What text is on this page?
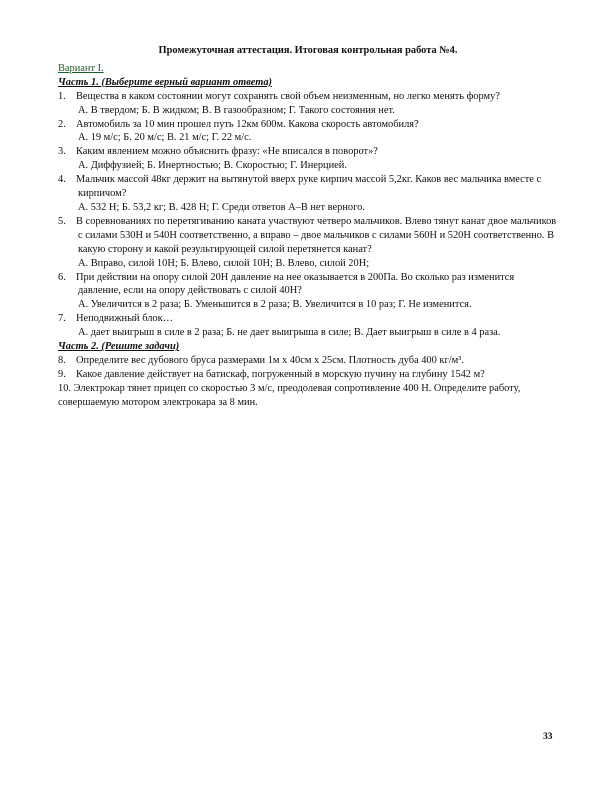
Промежуточная аттестация. Итоговая контрольная работа №4.
Вариант I.
Часть 1. (Выберите верный вариант ответа)
1. Вещества в каком состоянии могут сохранять свой объем неизменным, но легко менять форму?
А. В твердом; Б. В жидком; В. В газообразном; Г. Такого состояния нет.
2. Автомобиль за 10 мин прошел путь 12км 600м. Какова скорость автомобиля?
А. 19 м/с; Б. 20 м/с; В. 21 м/с; Г. 22 м/с.
3. Каким явлением можно объяснить фразу: «Не вписался в поворот»?
А. Диффузией; Б. Инертностью; В. Скоростью; Г. Инерцией.
4. Мальчик массой 48кг держит на вытянутой вверх руке кирпич массой 5,2кг. Каков вес мальчика вместе с кирпичом?
А. 532 Н; Б. 53,2 кг; В. 428 Н; Г. Среди ответов А–В нет верного.
5. В соревнованиях по перетягиванию каната участвуют четверо мальчиков. Влево тянут канат двое мальчиков с силами 530Н и 540Н соответственно, а вправо – двое мальчиков с силами 560Н и 520Н соответственно. В какую сторону и какой результирующей силой перетянется канат?
А. Вправо, силой 10Н; Б. Влево, силой 10Н; В. Влево, силой 20Н;
6. При действии на опору силой 20Н давление на нее оказывается в 200Па. Во сколько раз изменится давление, если на опору действовать с силой 40Н?
А. Увеличится в 2 раза; Б. Уменьшится в 2 раза; В. Увеличится в 10 раз; Г. Не изменится.
7. Неподвижный блок…
А. дает выигрыш в силе в 2 раза; Б. не дает выигрыша в силе; В. Дает выигрыш в силе в 4 раза.
Часть 2. (Решите задачи)
8. Определите вес дубового бруса размерами 1м х 40см х 25см. Плотность дуба 400 кг/м³.
9. Какое давление действует на батискаф, погруженный в морскую пучину на глубину 1542 м?
10. Электрокар тянет прицеп со скоростью 3 м/с, преодолевая сопротивление 400 Н. Определите работу, совершаемую мотором электрокара за 8 мин.
33
